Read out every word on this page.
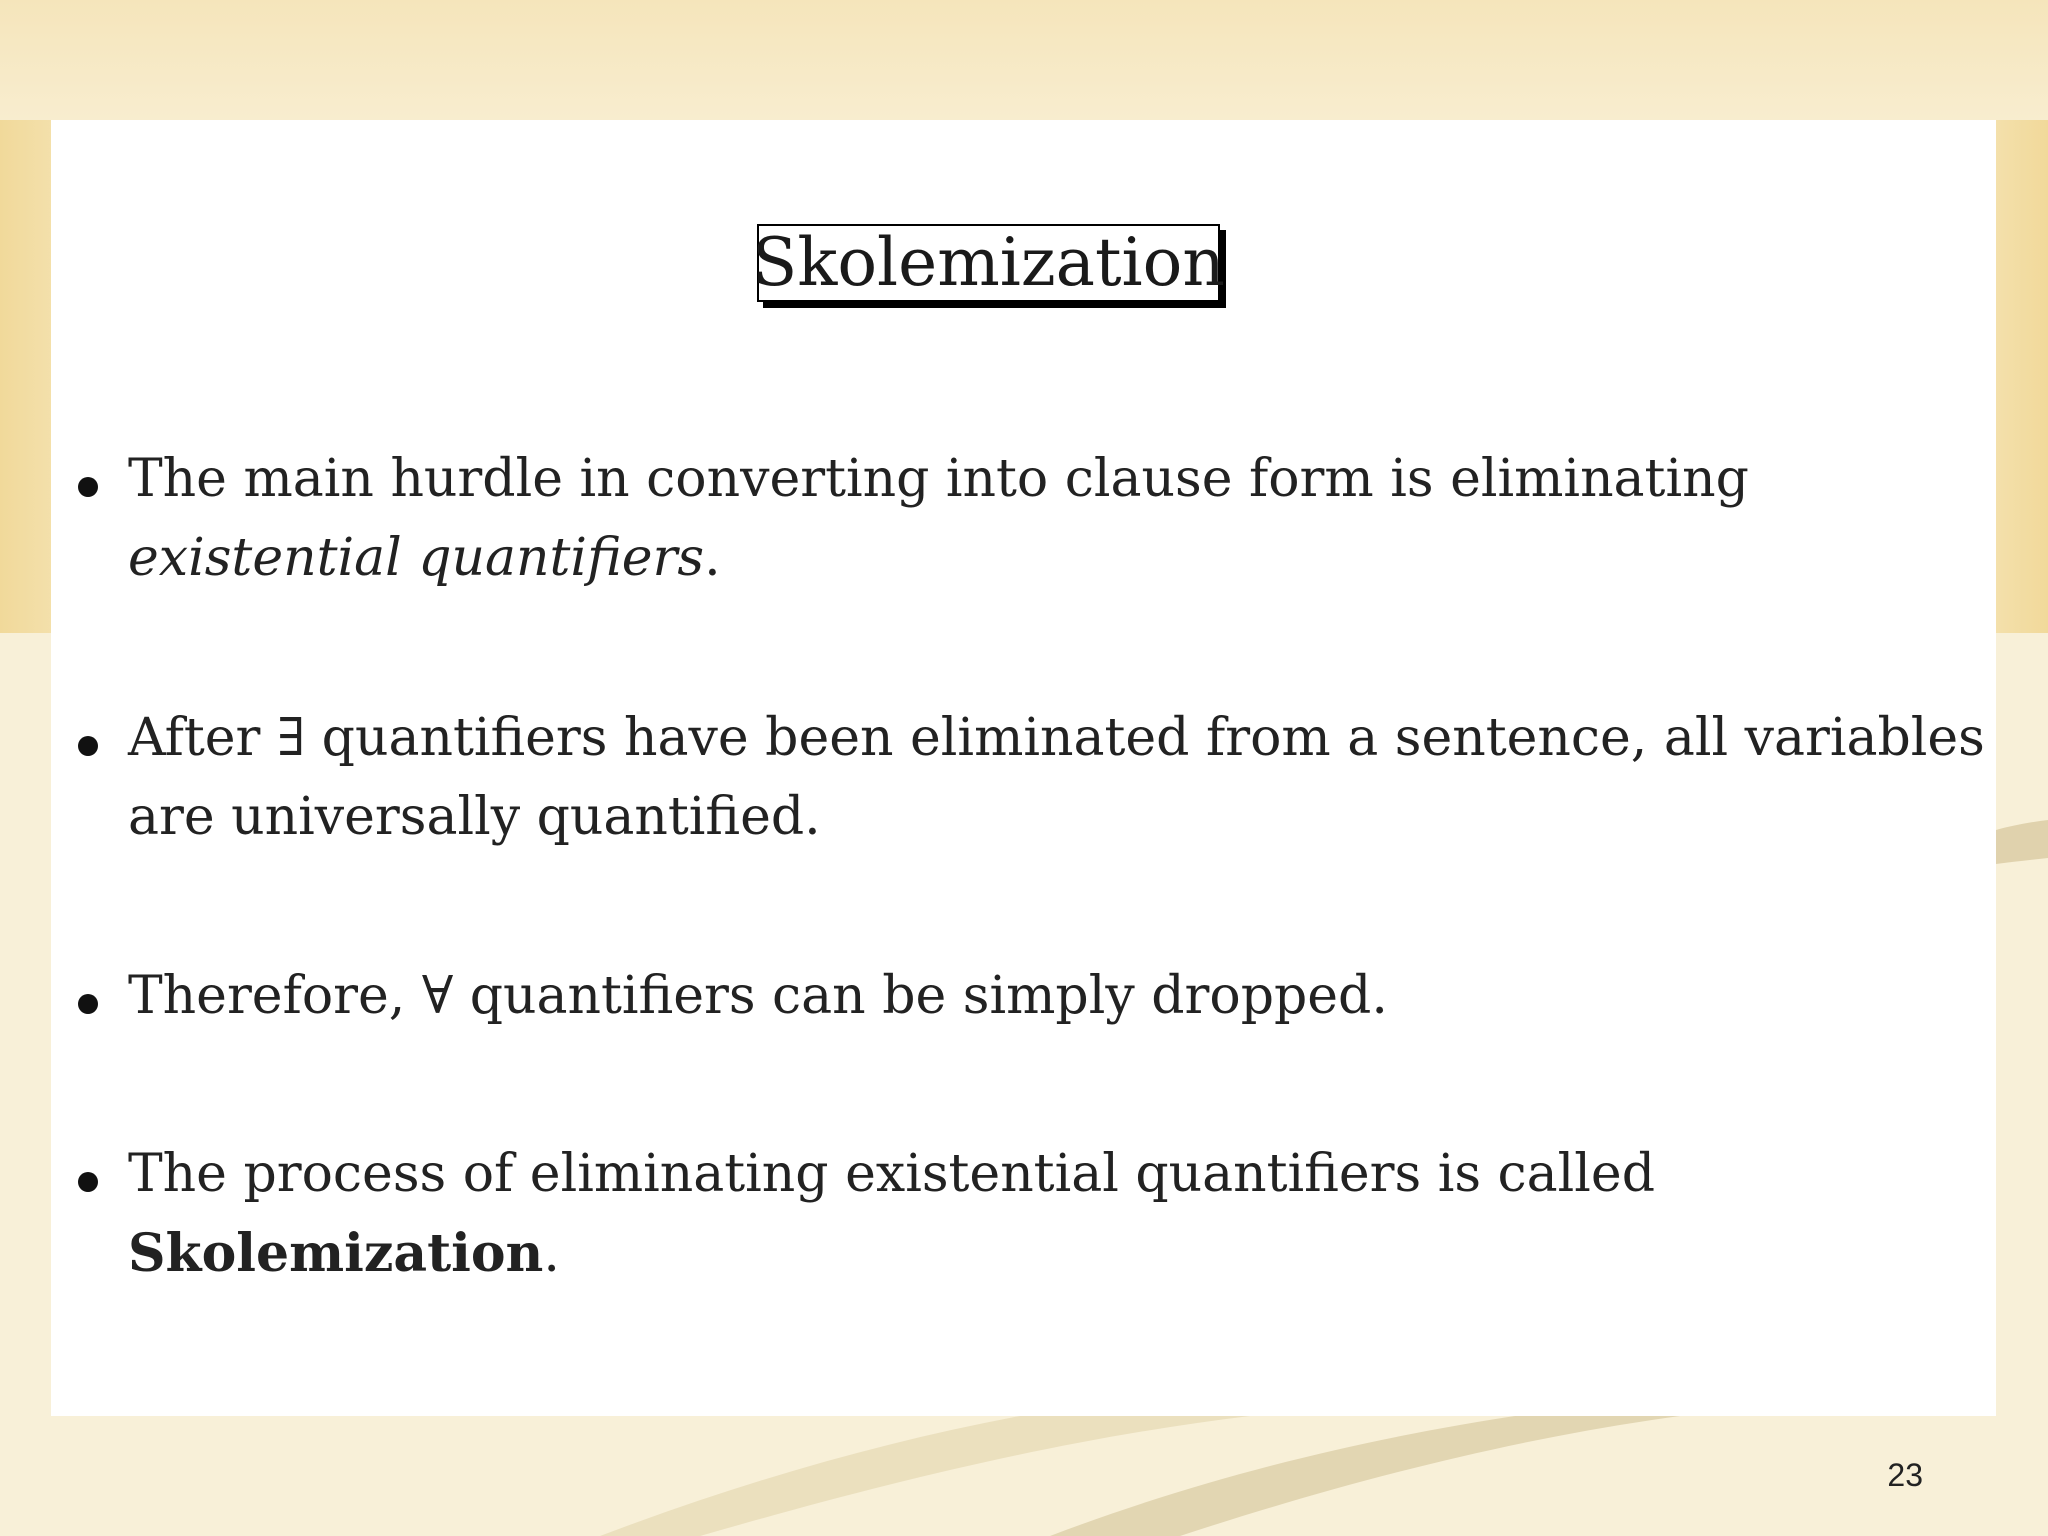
Skolemization
The main hurdle in converting into clause form is eliminating
existential quantifiers.
After ∃ quantifiers have been eliminated from a sentence, all variables
are universally quantified.
Therefore, ∀ quantifiers can be simply dropped.
The process of eliminating existential quantifiers is called
Skolemization.
23
